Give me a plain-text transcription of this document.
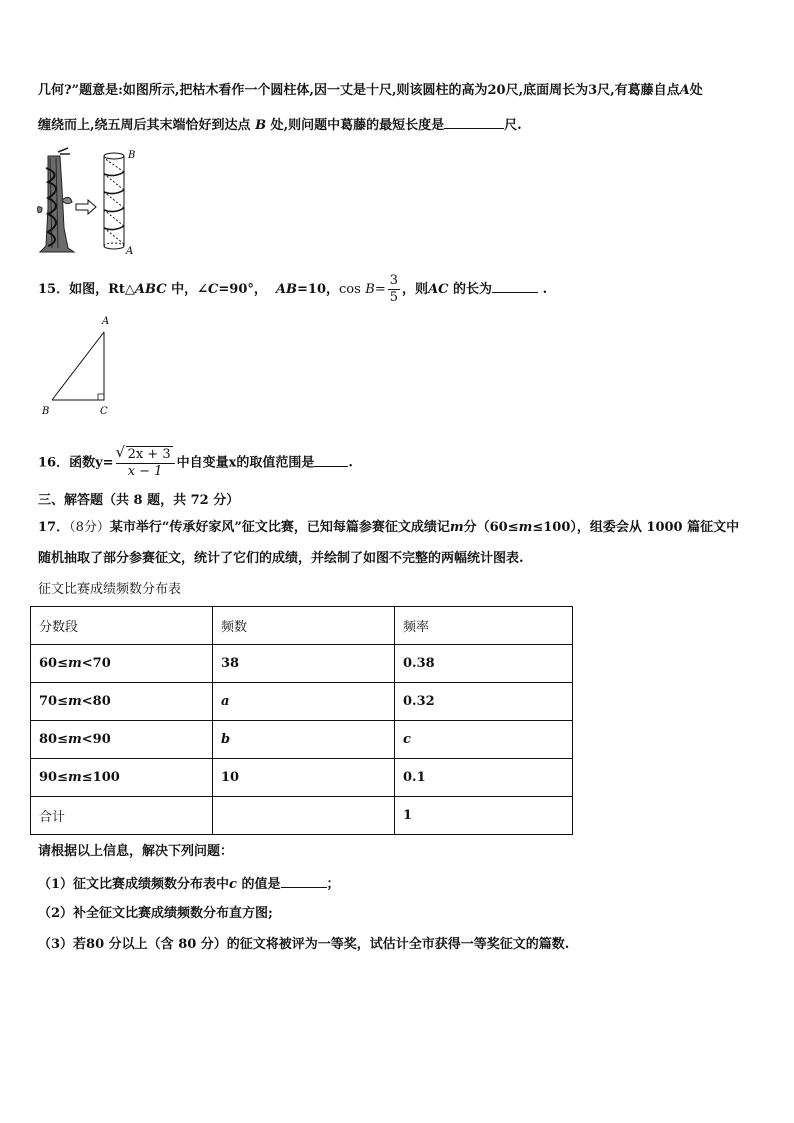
几何?”题意是:如图所示,把枯木看作一个圆柱体,因一丈是十尺,则该圆柱的高为20尺,底面周长为3尺,有葛藤自点A处
缠绕而上,绕五周后其末端恰好到达点 B 处,则问题中葛藤的最短长度是	尺.
B
A
15．如图，Rt△ABC 中，∠C=90°， AB=10，$\cos B= \frac{3}{5}$ ，则AC 的长为	.
A
B	C
16．函数y= √ $\frac{2x + 3}{x - 1}$ 中自变量x的取值范围是	.
三、解答题（共 8 题，共 72 分）
17．（8分）某市举行“传承好家风”征文比赛，已知每篇参赛征文成绩记m分（60≤m≤100），组委会从 1000 篇征文中
随机抽取了部分参赛征文，统计了它们的成绩，并绘制了如图不完整的两幅统计图表.
征文比赛成绩频数分布表
分数段	频数	频率
60≤m<70	38	0.38
70≤m<80	a	0.32
80≤m<90	b	c
90≤m≤100	10	0.1
合计		1
请根据以上信息，解决下列问题：
（1）征文比赛成绩频数分布表中c 的值是	；
（2）补全征文比赛成绩频数分布直方图;
（3）若80 分以上（含 80 分）的征文将被评为一等奖，试估计全市获得一等奖征文的篇数.
